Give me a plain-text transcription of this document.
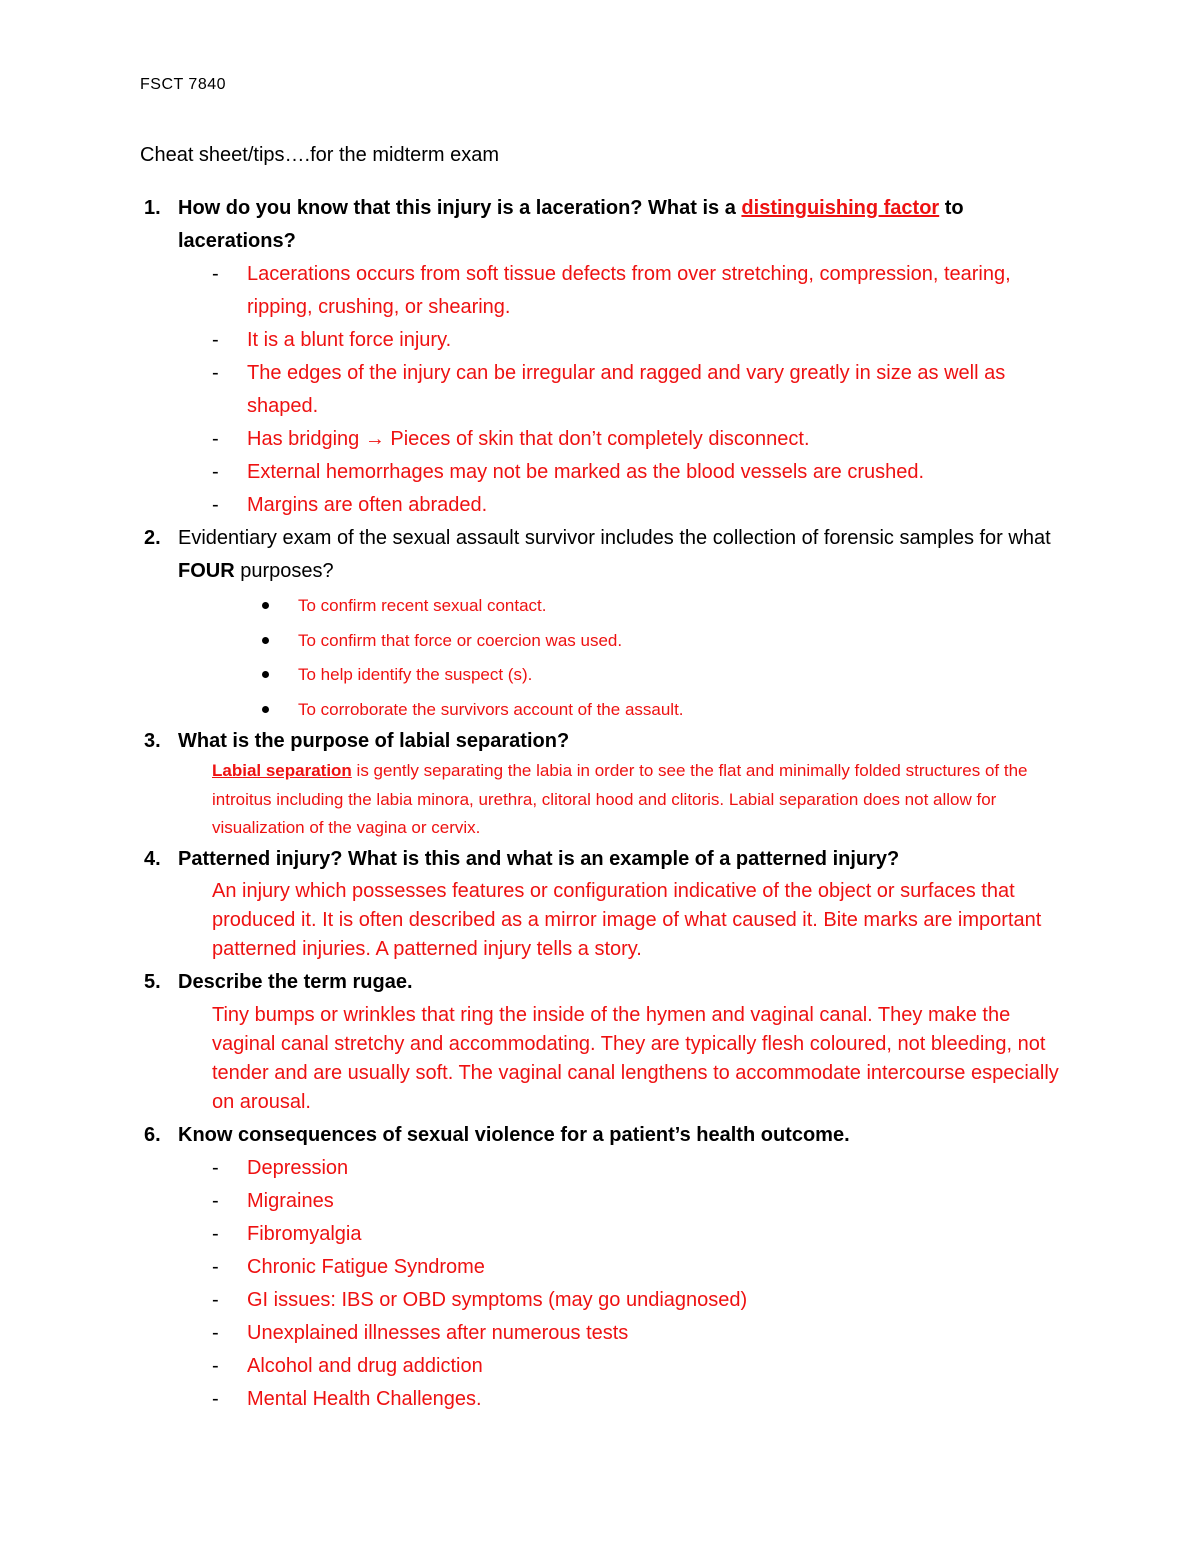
FSCT 7840
Cheat sheet/tips….for the midterm exam
1. How do you know that this injury is a laceration? What is a distinguishing factor to lacerations?
- Lacerations occurs from soft tissue defects from over stretching, compression, tearing, ripping, crushing, or shearing.
- It is a blunt force injury.
- The edges of the injury can be irregular and ragged and vary greatly in size as well as shaped.
- Has bridging → Pieces of skin that don’t completely disconnect.
- External hemorrhages may not be marked as the blood vessels are crushed.
- Margins are often abraded.
2. Evidentiary exam of the sexual assault survivor includes the collection of forensic samples for what FOUR purposes?
To confirm recent sexual contact.
To confirm that force or coercion was used.
To help identify the suspect (s).
To corroborate the survivors account of the assault.
3. What is the purpose of labial separation?
Labial separation is gently separating the labia in order to see the flat and minimally folded structures of the introitus including the labia minora, urethra, clitoral hood and clitoris. Labial separation does not allow for visualization of the vagina or cervix.
4. Patterned injury? What is this and what is an example of a patterned injury?
An injury which possesses features or configuration indicative of the object or surfaces that produced it. It is often described as a mirror image of what caused it. Bite marks are important patterned injuries. A patterned injury tells a story.
5. Describe the term rugae.
Tiny bumps or wrinkles that ring the inside of the hymen and vaginal canal. They make the vaginal canal stretchy and accommodating. They are typically flesh coloured, not bleeding, not tender and are usually soft. The vaginal canal lengthens to accommodate intercourse especially on arousal.
6. Know consequences of sexual violence for a patient’s health outcome.
- Depression
- Migraines
- Fibromyalgia
- Chronic Fatigue Syndrome
- GI issues: IBS or OBD symptoms (may go undiagnosed)
- Unexplained illnesses after numerous tests
- Alcohol and drug addiction
- Mental Health Challenges.
